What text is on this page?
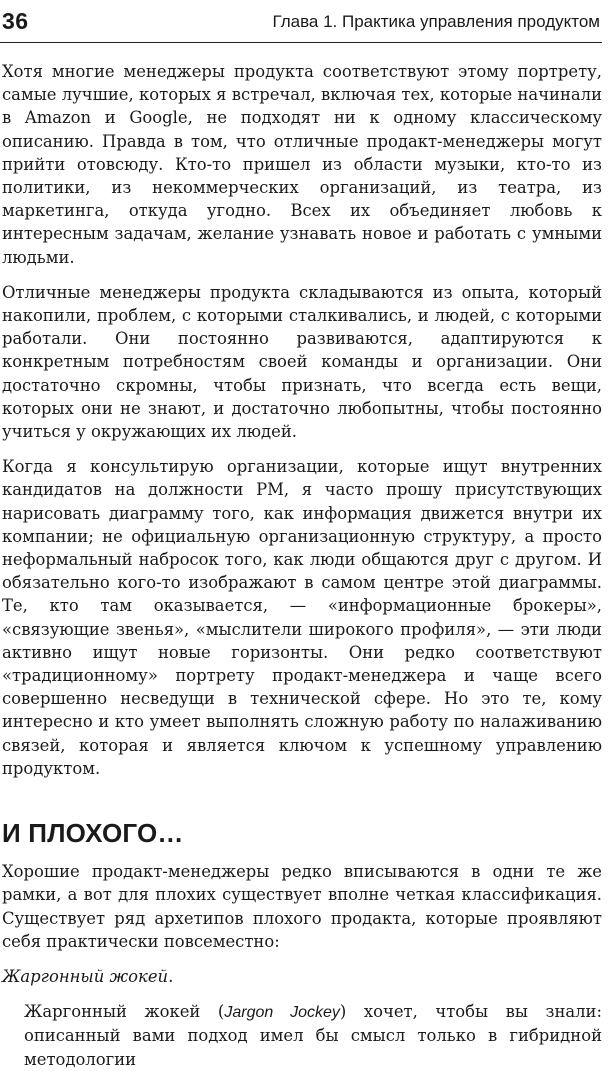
36	Глава 1. Практика управления продуктом

Хотя многие менеджеры продукта соответствуют этому портрету, самые лучшие, которых я встречал, включая тех, которые начинали в Amazon и Google, не подходят ни к одному классическому описанию. Правда в том, что отличные продакт-менеджеры могут прийти отовсюду. Кто-то пришел из области музыки, кто-то из политики, из некоммерческих организаций, из театра, из маркетинга, откуда угодно. Всех их объединяет любовь к интересным задачам, желание узнавать новое и работать с умными людьми.

Отличные менеджеры продукта складываются из опыта, который накопили, проблем, с которыми сталкивались, и людей, с которыми работали. Они постоянно развиваются, адаптируются к конкретным потребностям своей команды и организации. Они достаточно скромны, чтобы признать, что всегда есть вещи, которых они не знают, и достаточно любопытны, чтобы постоянно учиться у окружающих их людей.

Когда я консультирую организации, которые ищут внутренних кандидатов на должности PM, я часто прошу присутствующих нарисовать диаграмму того, как информация движется внутри их компании; не официальную организационную структуру, а просто неформальный набросок того, как люди общаются друг с другом. И обязательно кого-то изображают в самом центре этой диаграммы. Те, кто там оказывается, — «информационные брокеры», «связующие звенья», «мыслители широкого профиля», — эти люди активно ищут новые горизонты. Они редко соответствуют «традиционному» портрету продакт-менеджера и чаще всего совершенно несведущи в технической сфере. Но это те, кому интересно и кто умеет выполнять сложную работу по налаживанию связей, которая и является ключом к успешному управлению продуктом.

И ПЛОХОГО…

Хорошие продакт-менеджеры редко вписываются в одни те же рамки, а вот для плохих существует вполне четкая классификация. Существует ряд архетипов плохого продакта, которые проявляют себя практически повсеместно:

Жаргонный жокей.

Жаргонный жокей (Jargon Jockey) хочет, чтобы вы знали: описанный вами подход имел бы смысл только в гибридной методологии
